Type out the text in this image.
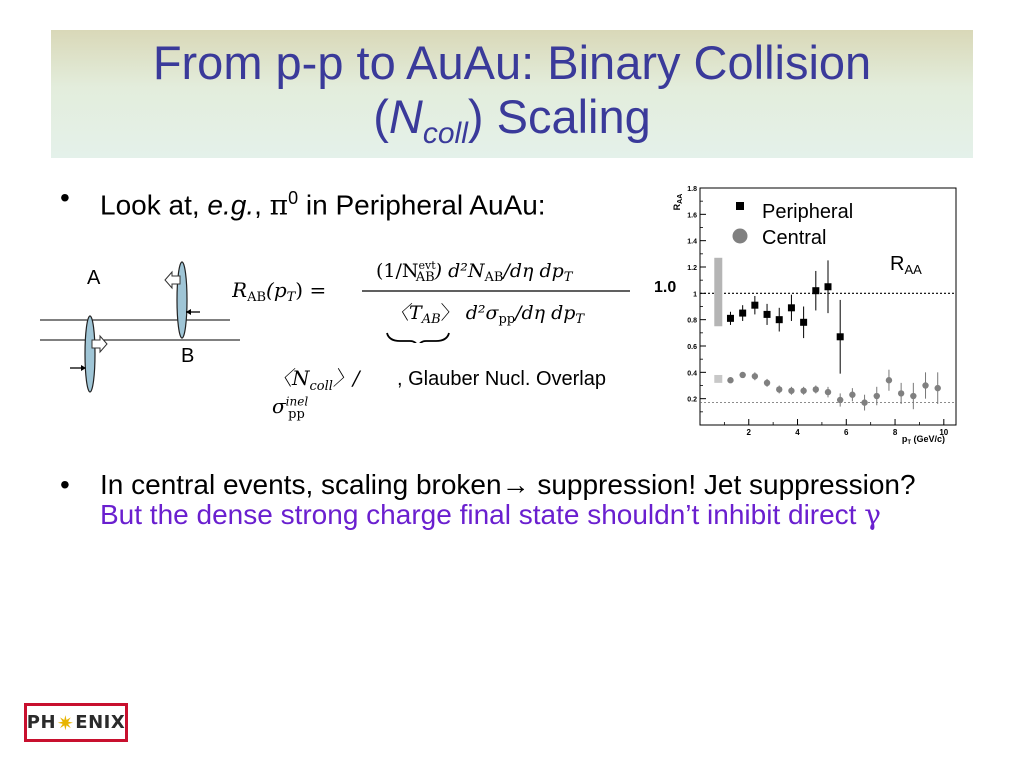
From p-p to AuAu: Binary Collision
$(N_{coll})$ Scaling
• Look at, e.g., $\pi^0$ in Peripheral AuAu:
A
B
$R_{AB}(p_T)$ =
($1/N^{evt}$ AB) $d^2N_{AB}/d\eta$ $dp_T$
〈$T_{AB}$〉 $d^2\sigma_{pp}/d\eta$ $dp_T$
〈$N_{coll}$〉$/\sigma^{inel}_{pp}$
, Glauber Nucl. Overlap
1.0
$R_{AA}$
0.2
0.4
0.6
0.8
1
1.2
1.4
1.6
1.8
2	4	6	8	10
$p_T$ (GeV/c)
Peripheral
Central
$R_{AA}$
• In central events, scaling broken→ suppression! Jet suppression? But the dense strong charge final state shouldn’t inhibit direct γ
PH ✷ ENIX
